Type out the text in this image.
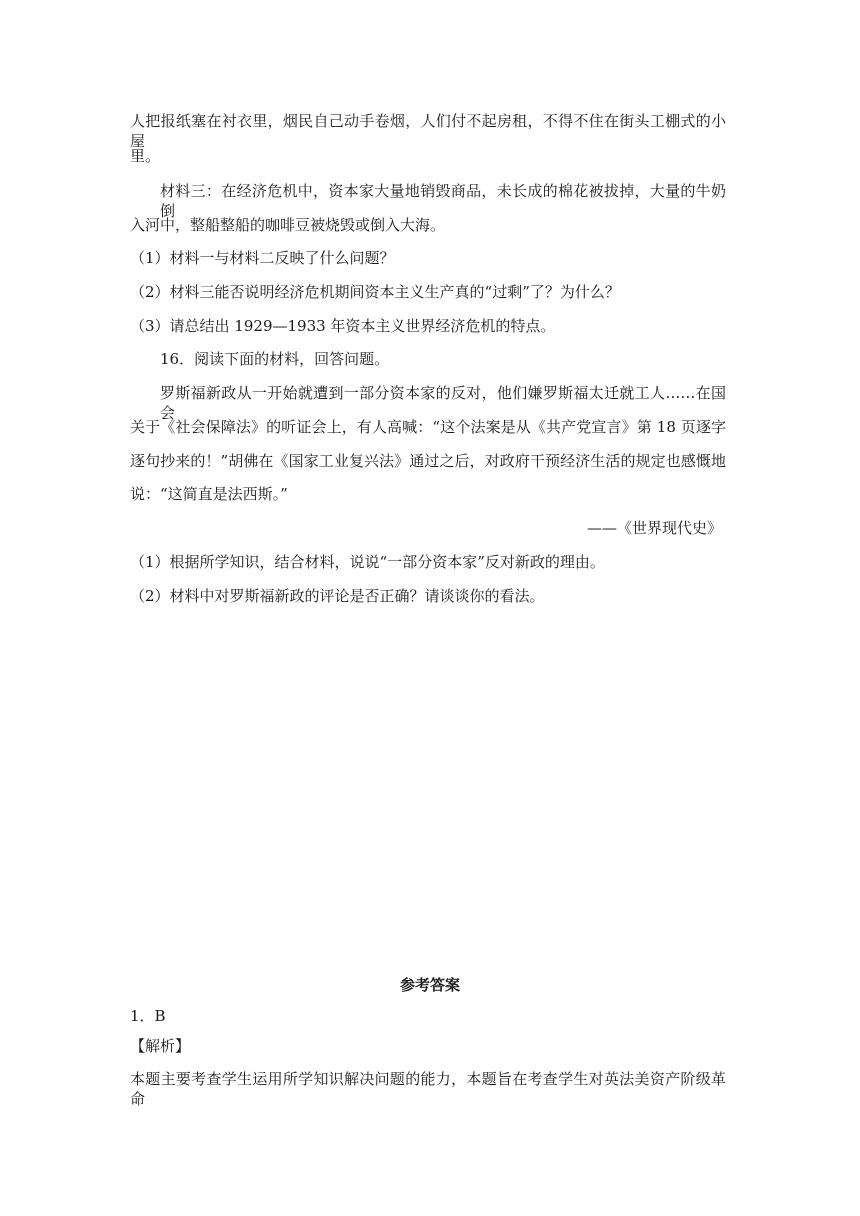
人把报纸塞在衬衣里，烟民自己动手卷烟，人们付不起房租，不得不住在街头工棚式的小屋
里。
材料三：在经济危机中，资本家大量地销毁商品，未长成的棉花被拔掉，大量的牛奶倒
入河中，整船整船的咖啡豆被烧毁或倒入大海。
（1）材料一与材料二反映了什么问题？
（2）材料三能否说明经济危机期间资本主义生产真的“过剩”了？为什么？
（3）请总结出 1929—1933 年资本主义世界经济危机的特点。
16．阅读下面的材料，回答问题。
罗斯福新政从一开始就遭到一部分资本家的反对，他们嫌罗斯福太迁就工人……在国会
关于《社会保障法》的听证会上，有人高喊：“这个法案是从《共产党宣言》第 18 页逐字
逐句抄来的！”胡佛在《国家工业复兴法》通过之后，对政府干预经济生活的规定也感慨地
说：“这简直是法西斯。”
——《世界现代史》
（1）根据所学知识，结合材料，说说“一部分资本家”反对新政的理由。
（2）材料中对罗斯福新政的评论是否正确？请谈谈你的看法。
参考答案
1．B
【解析】
本题主要考查学生运用所学知识解决问题的能力，本题旨在考查学生对英法美资产阶级革命
